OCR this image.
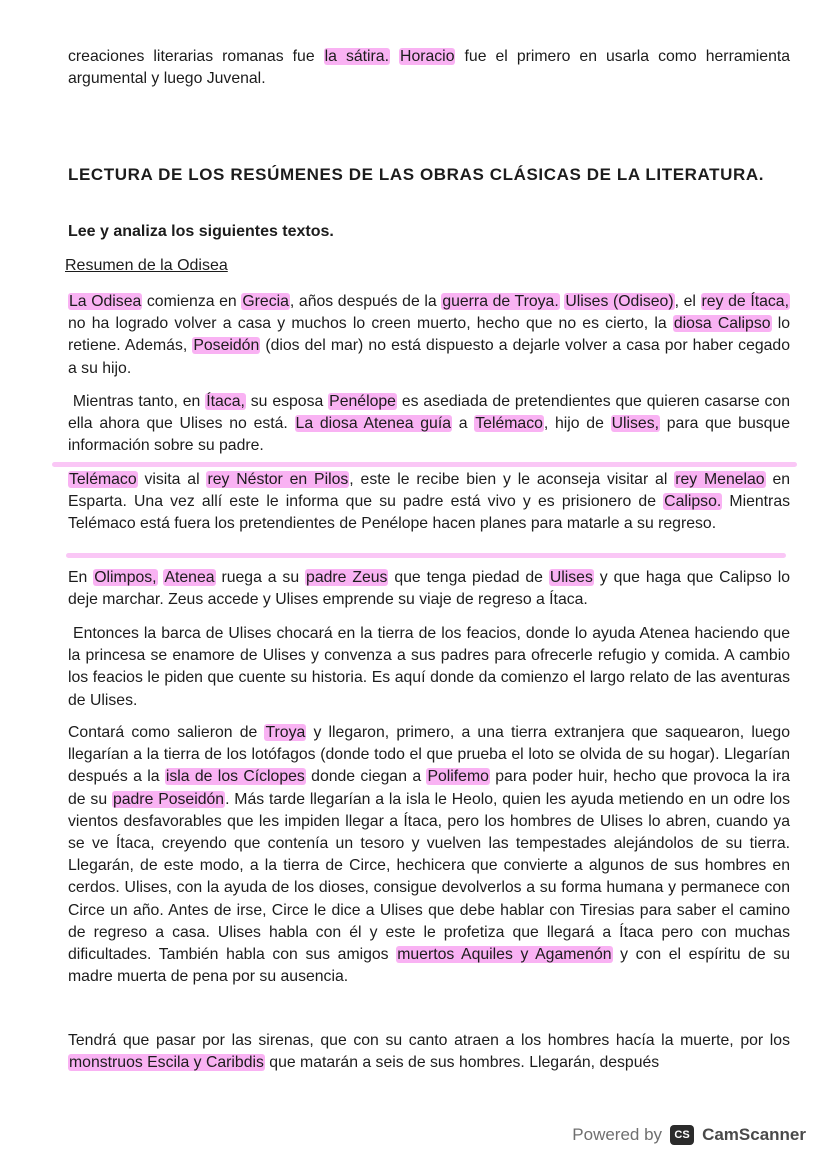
creaciones literarias romanas fue la sátira. Horacio fue el primero en usarla como herramienta argumental y luego Juvenal.

LECTURA DE LOS RESÚMENES DE LAS OBRAS CLÁSICAS DE LA LITERATURA.
Lee y analiza los siguientes textos.
Resumen de la Odisea

La Odisea comienza en Grecia, años después de la guerra de Troya. Ulises (Odiseo), el rey de Ítaca, no ha logrado volver a casa y muchos lo creen muerto, hecho que no es cierto, la diosa Calipso lo retiene. Además, Poseidón (dios del mar) no está dispuesto a dejarle volver a casa por haber cegado a su hijo.

Mientras tanto, en Ítaca, su esposa Penélope es asediada de pretendientes que quieren casarse con ella ahora que Ulises no está. La diosa Atenea guía a Telémaco, hijo de Ulises, para que busque información sobre su padre.

Telémaco visita al rey Néstor en Pilos, este le recibe bien y le aconseja visitar al rey Menelao en Esparta. Una vez allí este le informa que su padre está vivo y es prisionero de Calipso. Mientras Telémaco está fuera los pretendientes de Penélope hacen planes para matarle a su regreso.

En Olimpos, Atenea ruega a su padre Zeus que tenga piedad de Ulises y que haga que Calipso lo deje marchar. Zeus accede y Ulises emprende su viaje de regreso a Ítaca.

Entonces la barca de Ulises chocará en la tierra de los feacios, donde lo ayuda Atenea haciendo que la princesa se enamore de Ulises y convenza a sus padres para ofrecerle refugio y comida. A cambio los feacios le piden que cuente su historia. Es aquí donde da comienzo el largo relato de las aventuras de Ulises.

Contará como salieron de Troya y llegaron, primero, a una tierra extranjera que saquearon, luego llegarían a la tierra de los lotófagos (donde todo el que prueba el loto se olvida de su hogar). Llegarían después a la isla de los Cíclopes donde ciegan a Polifemo para poder huir, hecho que provoca la ira de su padre Poseidón. Más tarde llegarían a la isla le Heolo, quien les ayuda metiendo en un odre los vientos desfavorables que les impiden llegar a Ítaca, pero los hombres de Ulises lo abren, cuando ya se ve Ítaca, creyendo que contenía un tesoro y vuelven las tempestades alejándolos de su tierra. Llegarán, de este modo, a la tierra de Circe, hechicera que convierte a algunos de sus hombres en cerdos. Ulises, con la ayuda de los dioses, consigue devolverlos a su forma humana y permanece con Circe un año. Antes de irse, Circe le dice a Ulises que debe hablar con Tiresias para saber el camino de regreso a casa. Ulises habla con él y este le profetiza que llegará a Ítaca pero con muchas dificultades. También habla con sus amigos muertos Aquiles y Agamenón y con el espíritu de su madre muerta de pena por su ausencia.

Tendrá que pasar por las sirenas, que con su canto atraen a los hombres hacía la muerte, por los monstruos Escila y Caribdis que matarán a seis de sus hombres. Llegarán, después

Powered by	CS CamScanner
